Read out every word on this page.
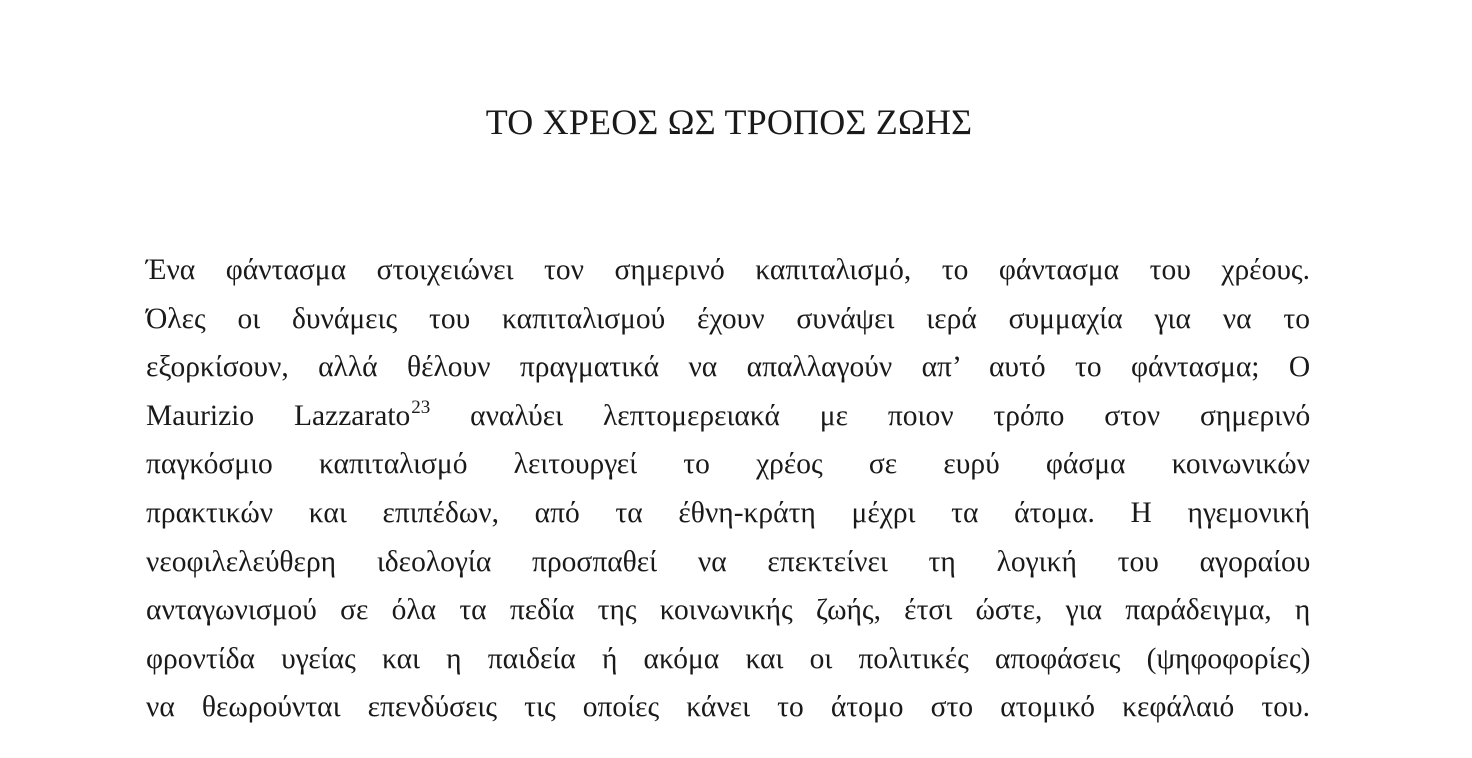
ΤΟ ΧΡΕΟΣ ΩΣ ΤΡΟΠΟΣ ΖΩΗΣ
Ένα φάντασμα στοιχειώνει τον σημερινό καπιταλισμό, το φάντασμα του χρέους.
Όλες οι δυνάμεις του καπιταλισμού έχουν συνάψει ιερά συμμαχία για να το
εξορκίσουν, αλλά θέλουν πραγματικά να απαλλαγούν απ’ αυτό το φάντασμα; Ο
Maurizio Lazzarato$^{23}$ αναλύει λεπτομερειακά με ποιον τρόπο στον σημερινό
παγκόσμιο καπιταλισμό λειτουργεί το χρέος σε ευρύ φάσμα κοινωνικών
πρακτικών και επιπέδων, από τα έθνη-κράτη μέχρι τα άτομα. Η ηγεμονική
νεοφιλελεύθερη ιδεολογία προσπαθεί να επεκτείνει τη λογική του αγοραίου
ανταγωνισμού σε όλα τα πεδία της κοινωνικής ζωής, έτσι ώστε, για παράδειγμα, η
φροντίδα υγείας και η παιδεία ή ακόμα και οι πολιτικές αποφάσεις (ψηφοφορίες)
να θεωρούνται επενδύσεις τις οποίες κάνει το άτομο στο ατομικό κεφάλαιό του.
